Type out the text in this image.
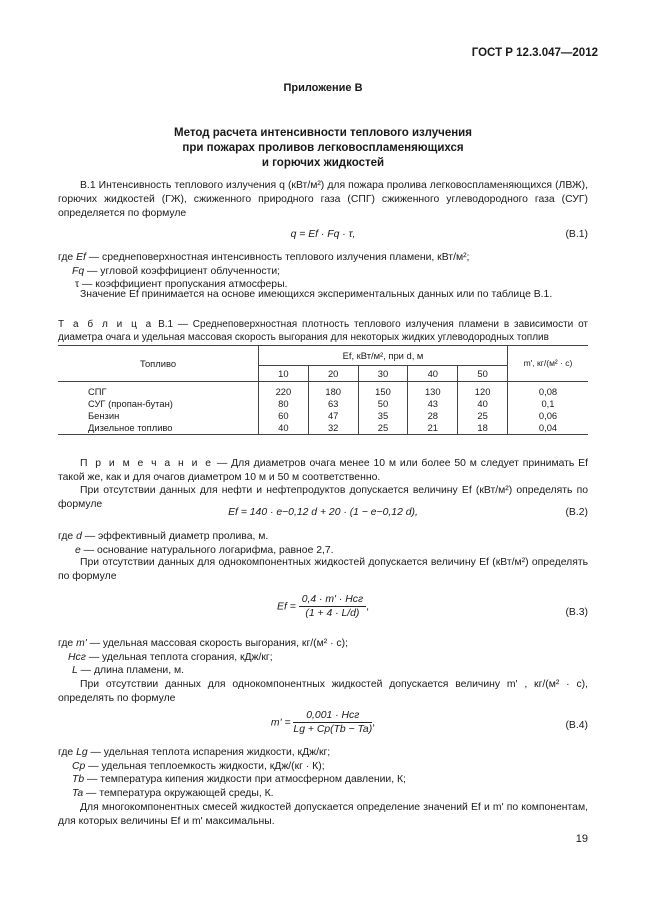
ГОСТ Р 12.3.047—2012
Приложение В
Метод расчета интенсивности теплового излучения
при пожарах проливов легковоспламеняющихся
и горючих жидкостей
В.1 Интенсивность теплового излучения q (кВт/м²) для пожара пролива легковоспламеняющихся (ЛВЖ), горючих жидкостей (ГЖ), сжиженного природного газа (СПГ) сжиженного углеводородного газа (СУГ) определяется по формуле
q = Ef · Fq · τ,	(В.1)
где Ef — среднеповерхностная интенсивность теплового излучения пламени, кВт/м²;
Fq — угловой коэффициент облученности;
τ — коэффициент пропускания атмосферы.
Значение Ef принимается на основе имеющихся экспериментальных данных или по таблице В.1.
Т а б л и ц а В.1 — Среднеповерхностная плотность теплового излучения пламени в зависимости от диаметра очага и удельная массовая скорость выгорания для некоторых жидких углеводородных топлив
Топливо	Ef, кВт/м², при d, м					m', кг/(м² · с)
	10	20	30	40	50	

СПГ	220	180	150	130	120	0,08
СУГ (пропан-бутан)	80	63	50	43	40	0,1
Бензин	60	47	35	28	25	0,06
Дизельное топливо	40	32	25	21	18	0,04
П р и м е ч а н и е — Для диаметров очага менее 10 м или более 50 м следует принимать Ef такой же, как и для очагов диаметром 10 м и 50 м соответственно.
При отсутствии данных для нефти и нефтепродуктов допускается величину Ef (кВт/м²) определять по формуле
Ef = 140 · e−0,12 d + 20 · (1 − e−0,12 d),	(В.2)
где d — эффективный диаметр пролива, м.
e — основание натурального логарифма, равное 2,7.
При отсутствии данных для однокомпонентных жидкостей допускается величину Ef (кВт/м²) определять по формуле
$Ef = \frac{\text{0,4 · m' · Hсг}}{(1 + 4 \cdot L/d)}$ ,
(В.3)
где m' — удельная массовая скорость выгорания, кг/(м² · с);
Hсг — удельная теплота сгорания, кДж/кг;
L — длина пламени, м.
При отсутствии данных для однокомпонентных жидкостей допускается величину m' , кг/(м² · с), определять по формуле
$m' = \frac{\text{0,001 · Hсг}}{Lg + Cp(Tb - Ta)}$ ,	(В.4)
где Lg — удельная теплота испарения жидкости, кДж/кг;
Cp — удельная теплоемкость жидкости, кДж/(кг · К);
Tb — температура кипения жидкости при атмосферном давлении, К;
Ta — температура окружающей среды, К.
Для многокомпонентных смесей жидкостей допускается определение значений Ef и m' по компонентам, для которых величины Ef и m' максимальны.
19
